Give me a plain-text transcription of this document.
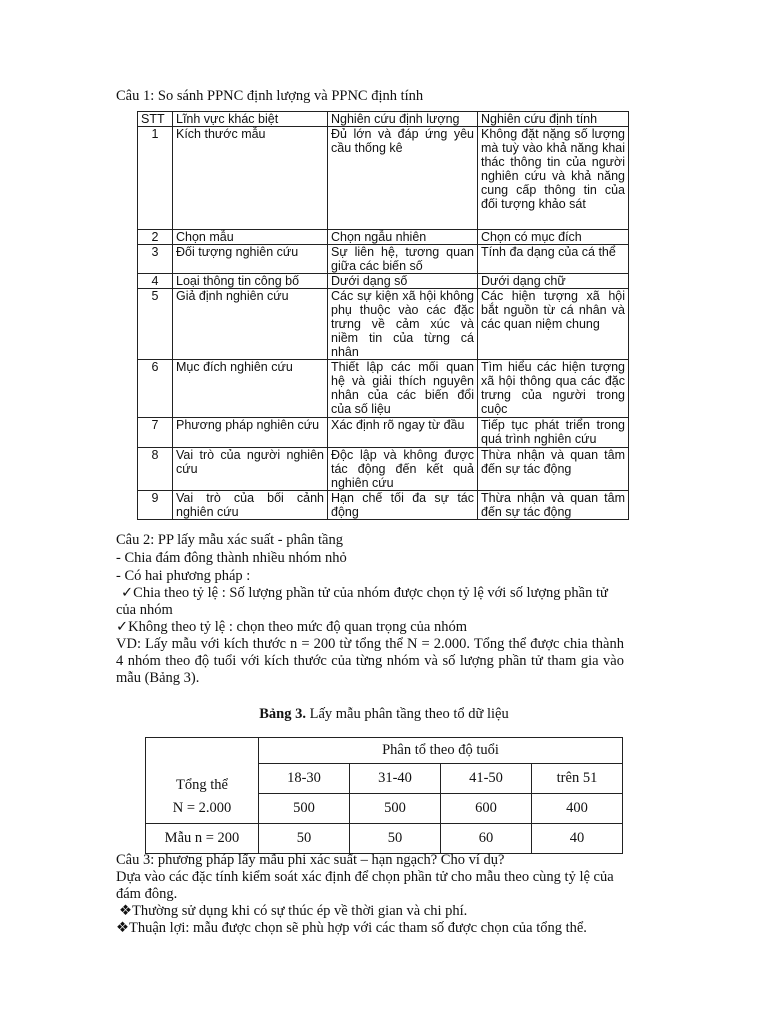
Câu 1: So sánh PPNC định lượng và PPNC định tính
STT	Lĩnh vực khác biệt	Nghiên cứu định lượng	Nghiên cứu định tính
1	Kích thước mẫu	Đủ lớn và đáp ứng yêu cầu thống kê	Không đặt nặng số lượng mà tuỳ vào khả năng khai thác thông tin của người nghiên cứu và khả năng cung cấp thông tin của đối tượng khảo sát
2	Chọn mẫu	Chọn ngẫu nhiên	Chọn có mục đích
3	Đối tượng nghiên cứu	Sự liên hệ, tương quan giữa các biến số	Tính đa dạng của cá thể
4	Loại thông tin công bố	Dưới dạng số	Dưới dạng chữ
5	Giả định nghiên cứu	Các sự kiện xã hội không phụ thuộc vào các đặc trưng về cảm xúc và niềm tin của từng cá nhân	Các hiện tượng xã hội bắt nguồn từ cá nhân và các quan niệm chung
6	Mục đích nghiên cứu	Thiết lập các mối quan hệ và giải thích nguyên nhân của các biến đổi của số liệu	Tìm hiểu các hiện tượng xã hội thông qua các đặc trưng của người trong cuộc
7	Phương pháp nghiên cứu	Xác định rõ ngay từ đầu	Tiếp tục phát triển trong quá trình nghiên cứu
8	Vai trò của người nghiên cứu	Độc lập và không được tác động đến kết quả nghiên cứu	Thừa nhận và quan tâm đến sự tác động
9	Vai trò của bối cảnh nghiên cứu	Hạn chế tối đa sự tác động	Thừa nhận và quan tâm đến sự tác động
Câu 2: PP lấy mẫu xác suất - phân tầng
- Chia đám đông thành nhiều nhóm nhỏ
- Có hai phương pháp :
✓Chia theo tỷ lệ : Số lượng phần tử của nhóm được chọn tỷ lệ với số lượng phần tử
của nhóm
✓Không theo tỷ lệ : chọn theo mức độ quan trọng của nhóm
VD: Lấy mẫu với kích thước n = 200 từ tổng thể N = 2.000. Tổng thể được chia thành 4 nhóm theo độ tuổi với kích thước của từng nhóm và số lượng phần tử tham gia vào mẫu (Bảng 3).
Bảng 3. Lấy mẫu phân tầng theo tổ dữ liệu
	Phân tổ theo độ tuổi			
Tổng thể	18-30	31-40	41-50	trên 51
N = 2.000	500	500	600	400
Mẫu n = 200	50	50	60	40
Câu 3: phương pháp lấy mẫu phi xác suất – hạn ngạch? Cho ví dụ?
Dựa vào các đặc tính kiểm soát xác định để chọn phần tử cho mẫu theo cùng tỷ lệ của đám đông.
❖Thường sử dụng khi có sự thúc ép về thời gian và chi phí.
❖Thuận lợi: mẫu được chọn sẽ phù hợp với các tham số được chọn của tổng thể.
